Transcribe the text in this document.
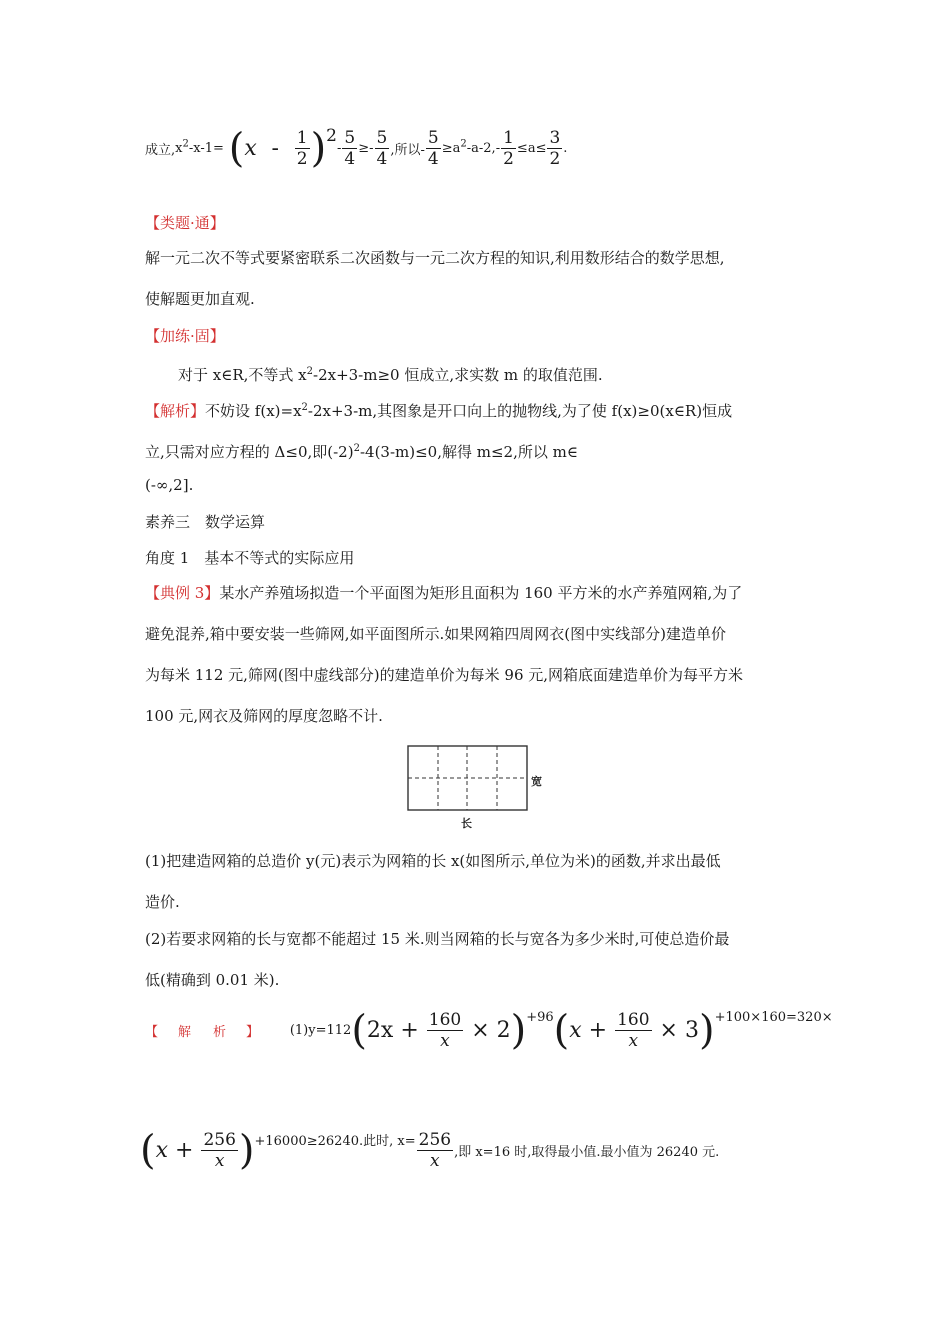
成立$,x^2-x-1= (x - \frac{1}{2} )2- \frac{5}{4} \ge- \frac{5}{4}$ ,所以- $\frac{5}{4} \ge a^2-a-2,- \frac{1}{2} \le a\le \frac{3}{2}$ .
【类题·通】
解一元二次不等式要紧密联系二次函数与一元二次方程的知识,利用数形结合的数学思想,
使解题更加直观.
【加练·固】
对于 x∈R,不等式 $x^2-2x+3-m\ge 0$ 恒成立,求实数 m 的取值范围.
【解析】不妨设 $f(x)=x^2-2x+3-m$,其图象是开口向上的抛物线,为了使 f(x)≥0(x∈R)恒成
立,只需对应方程的 Δ≤0,即$(-2)^2-4(3-m)\le 0$,解得 m≤2,所以 m∈
(-∞,2].
素养三　数学运算
角度 1　基本不等式的实际应用
【典例 3】某水产养殖场拟造一个平面图为矩形且面积为 160 平方米的水产养殖网箱,为了
避免混养,箱中要安装一些筛网,如平面图所示.如果网箱四周网衣(图中实线部分)建造单价
为每米 112 元,筛网(图中虚线部分)的建造单价为每米 96 元,网箱底面建造单价为每平方米
100 元,网衣及筛网的厚度忽略不计.
宽
长
(1)把建造网箱的总造价 y(元)表示为网箱的长 x(如图所示,单位为米)的函数,并求出最低
造价.
(2)若要求网箱的长与宽都不能超过 15 米.则当网箱的长与宽各为多少米时,可使总造价最
低(精确到 0.01 米).
【 解 析 】 $(1)y=112(2x + \frac{160}{x} \times 2)+96(x + \frac{160}{x} \times 3)+100\times 160=320\times$
$(x + \frac{256}{x} )+16000\ge 26240$.此时, $x= \frac{256}{x}$ ,即 x=16 时,取得最小值.最小值为 26240 元.
